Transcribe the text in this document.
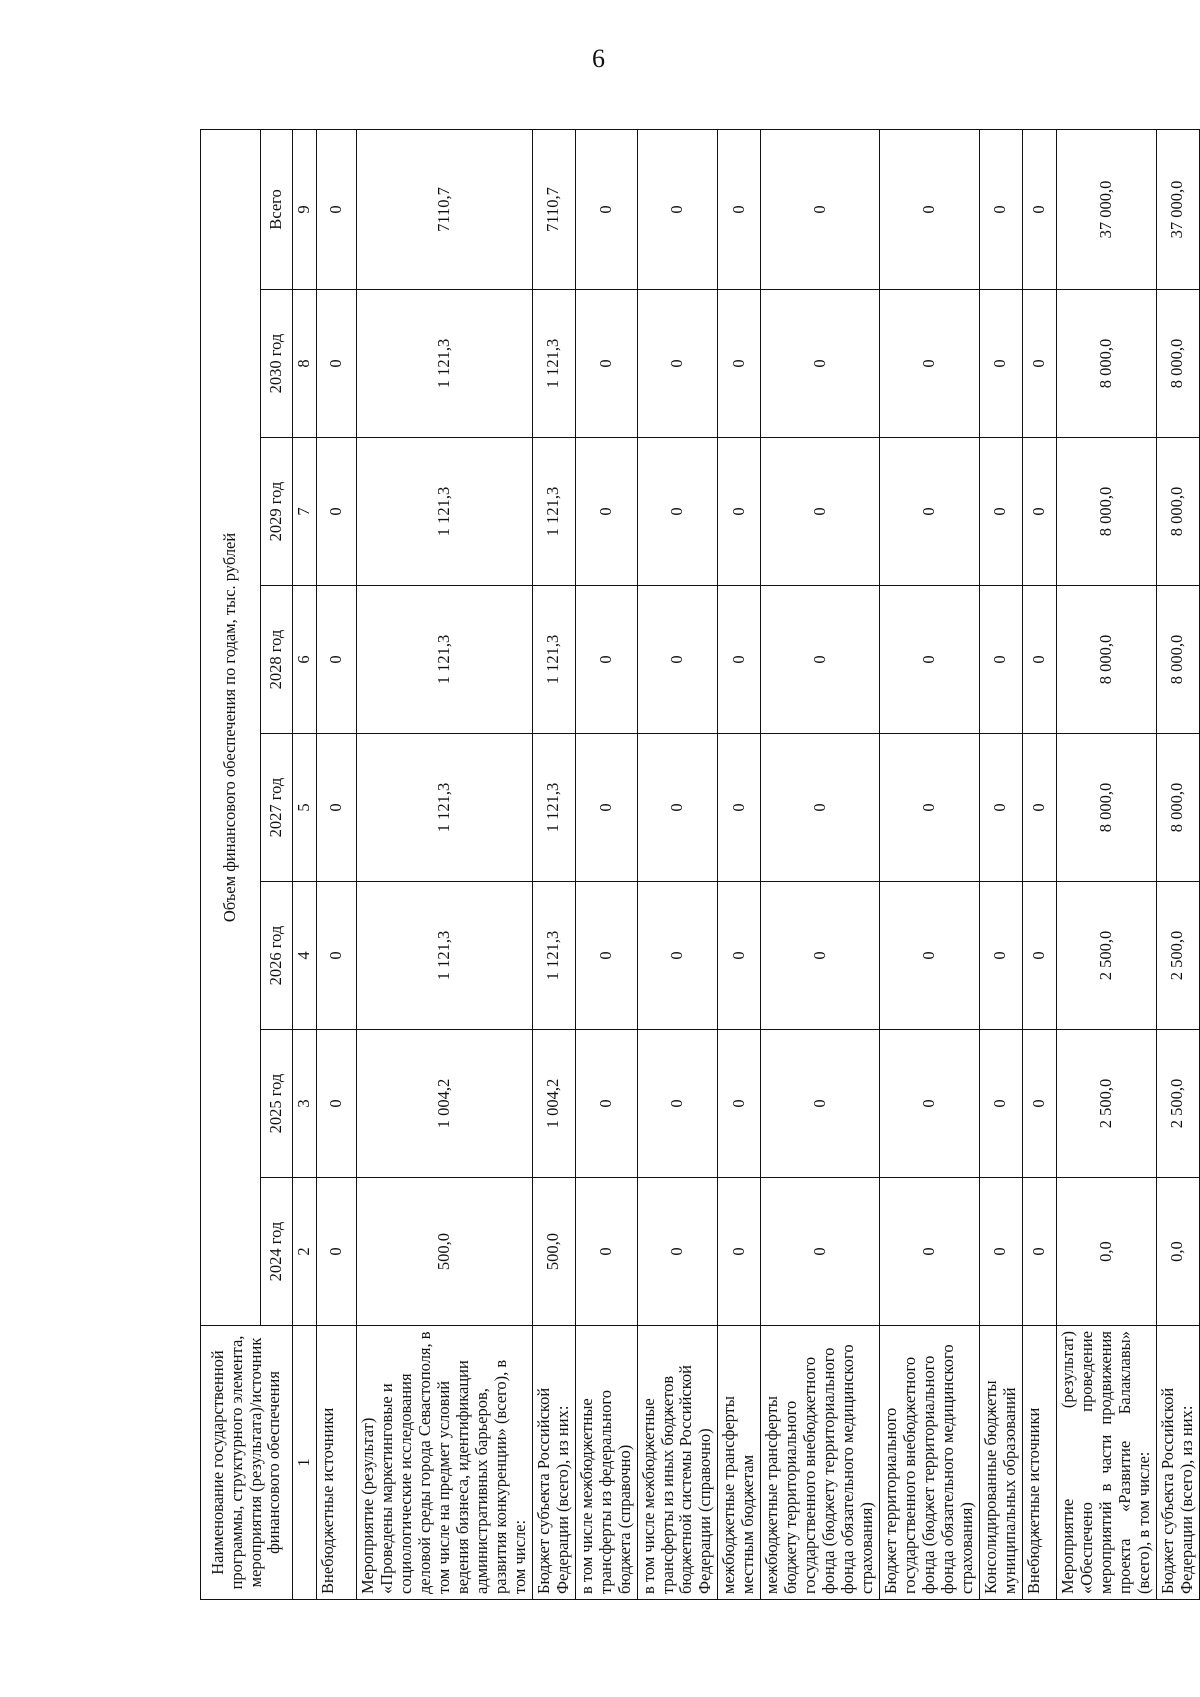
6
Наименование государственной программы, структурного элемента, мероприятия (результата)/источник финансового обеспечения	Объем финансового обеспечения по годам, тыс. рублей							
	2024 год	2025 год	2026 год	2027 год	2028 год	2029 год	2030 год	Всего
1	2	3	4	5	6	7	8	9
Внебюджетные источники	0	0	0	0	0	0	0	0
Мероприятие (результат) «Проведены маркетинговые и социологические исследования деловой среды города Севастополя, в том числе на предмет условий ведения бизнеса, идентификации административных барьеров, развития конкуренции» (всего), в том числе:	500,0	1 004,2	1 121,3	1 121,3	1 121,3	1 121,3	1 121,3	7110,7
Бюджет субъекта Российской Федерации (всего), из них:	500,0	1 004,2	1 121,3	1 121,3	1 121,3	1 121,3	1 121,3	7110,7
в том числе межбюджетные трансферты из федерального бюджета (справочно)	0	0	0	0	0	0	0	0
в том числе межбюджетные трансферты из иных бюджетов бюджетной системы Российской Федерации (справочно)	0	0	0	0	0	0	0	0
межбюджетные трансферты местным бюджетам	0	0	0	0	0	0	0	0
межбюджетные трансферты бюджету территориального государственного внебюджетного фонда (бюджету территориального фонда обязательного медицинского страхования)	0	0	0	0	0	0	0	0
Бюджет территориального государственного внебюджетного фонда (бюджет территориального фонда обязательного медицинского страхования)	0	0	0	0	0	0	0	0
Консолидированные бюджеты муниципальных образований	0	0	0	0	0	0	0	0
Внебюджетные источники	0	0	0	0	0	0	0	0
Мероприятие (результат) «Обеспечено проведение мероприятий в части продвижения проекта «Развитие Балаклавы» (всего), в том числе:	0,0	2 500,0	2 500,0	8 000,0	8 000,0	8 000,0	8 000,0	37 000,0
Бюджет субъекта Российской Федерации (всего), из них:	0,0	2 500,0	2 500,0	8 000,0	8 000,0	8 000,0	8 000,0	37 000,0
